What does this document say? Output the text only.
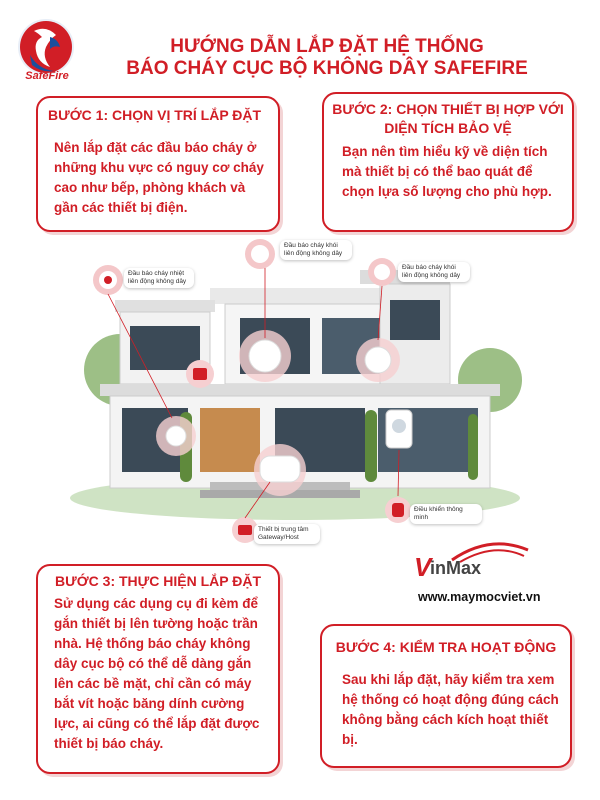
SafeFire
HƯỚNG DẪN LẮP ĐẶT HỆ THỐNG
BÁO CHÁY CỤC BỘ KHÔNG DÂY SAFEFIRE
BƯỚC 1: CHỌN VỊ TRÍ LẮP ĐẶT
Nên lắp đặt các đầu báo cháy ở những khu vực có nguy cơ cháy cao như bếp, phòng khách và gần các thiết bị điện.
BƯỚC 2: CHỌN THIẾT BỊ HỢP VỚI DIỆN TÍCH BẢO VỆ
Bạn nên tìm hiểu kỹ về diện tích mà thiết bị có thể bao quát để chọn lựa số lượng cho phù hợp.
Đầu báo cháy nhiệt liên động không dây
Đầu báo cháy khói liên động không dây
Đầu báo cháy khói liên động không dây
Điều khiển thông minh
Thiết bị trung tâm Gateway/Host
BƯỚC 3: THỰC HIỆN LẮP ĐẶT
Sử dụng các dụng cụ đi kèm để gắn thiết bị lên tường hoặc trần nhà. Hệ thống báo cháy không dây cục bộ có thể dễ dàng gắn lên các bề mặt, chỉ cần có máy bắt vít hoặc băng dính cường lực, ai cũng có thể lắp đặt được thiết bị báo cháy.
V
inMax
www.maymocviet.vn
BƯỚC 4: KIỂM TRA HOẠT ĐỘNG
Sau khi lắp đặt, hãy kiểm tra xem hệ thống có hoạt động đúng cách không bằng cách kích hoạt thiết bị.
